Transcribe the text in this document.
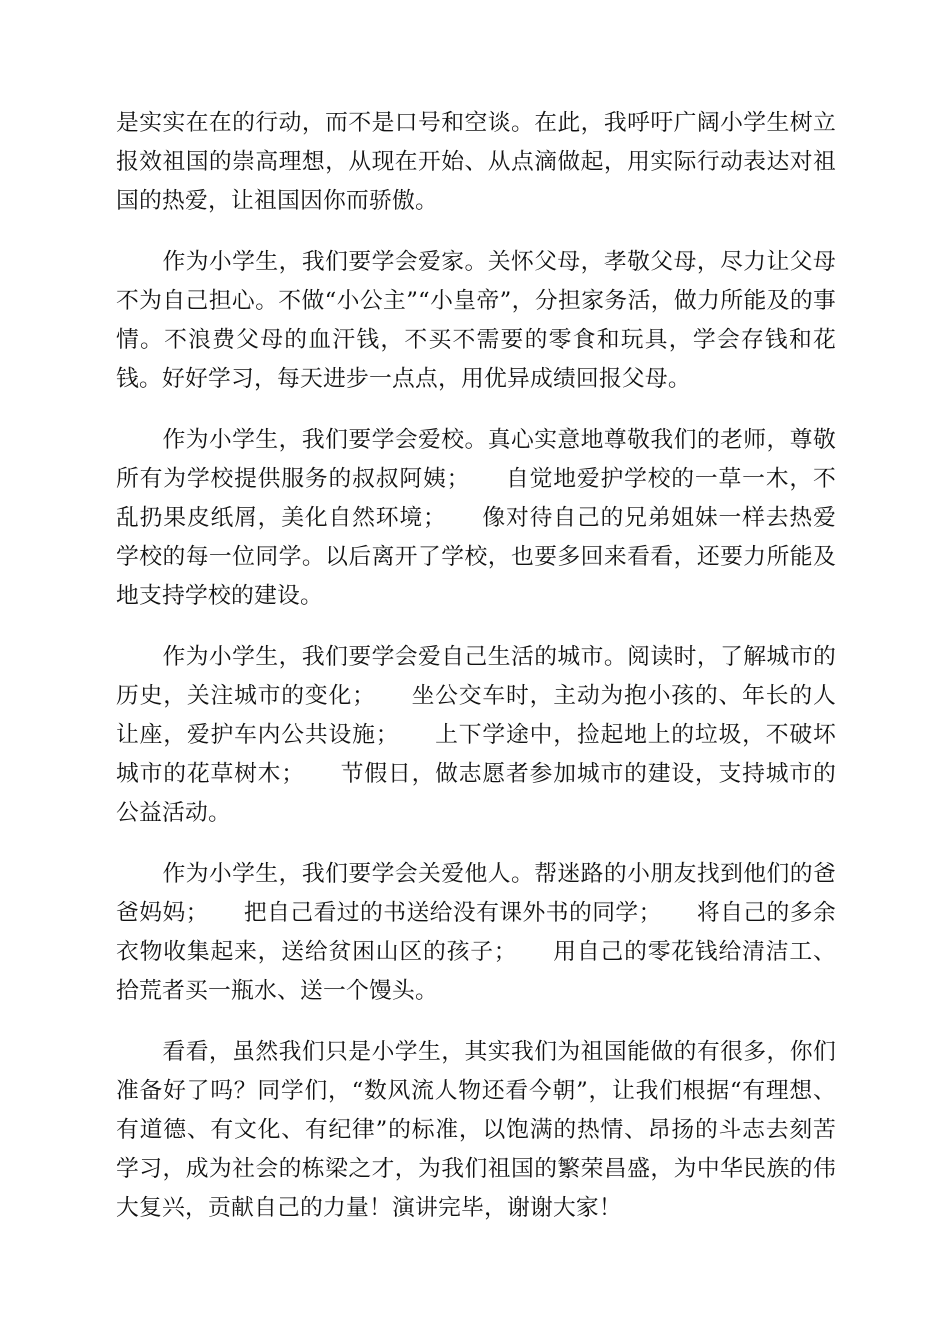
是实实在在的行动，而不是口号和空谈。在此，我呼吁广阔小学生树立报效祖国的崇高理想，从现在开始、从点滴做起，用实际行动表达对祖国的热爱，让祖国因你而骄傲。

　　作为小学生，我们要学会爱家。关怀父母，孝敬父母，尽力让父母不为自己担心。不做“小公主”“小皇帝”，分担家务活，做力所能及的事情。不浪费父母的血汗钱，不买不需要的零食和玩具，学会存钱和花钱。好好学习，每天进步一点点，用优异成绩回报父母。

　　作为小学生，我们要学会爱校。真心实意地尊敬我们的老师，尊敬所有为学校提供服务的叔叔阿姨；　　自觉地爱护学校的一草一木，不乱扔果皮纸屑，美化自然环境；　　像对待自己的兄弟姐妹一样去热爱学校的每一位同学。以后离开了学校，也要多回来看看，还要力所能及地支持学校的建设。

　　作为小学生，我们要学会爱自己生活的城市。阅读时，了解城市的历史，关注城市的变化；　　坐公交车时，主动为抱小孩的、年长的人让座，爱护车内公共设施；　　上下学途中，捡起地上的垃圾，不破坏城市的花草树木；　　节假日，做志愿者参加城市的建设，支持城市的公益活动。

　　作为小学生，我们要学会关爱他人。帮迷路的小朋友找到他们的爸爸妈妈；　　把自己看过的书送给没有课外书的同学；　　将自己的多余衣物收集起来，送给贫困山区的孩子；　　用自己的零花钱给清洁工、拾荒者买一瓶水、送一个馒头。

　　看看，虽然我们只是小学生，其实我们为祖国能做的有很多，你们准备好了吗？同学们，“数风流人物还看今朝”，让我们根据“有理想、有道德、有文化、有纪律”的标准，以饱满的热情、昂扬的斗志去刻苦学习，成为社会的栋梁之才，为我们祖国的繁荣昌盛，为中华民族的伟大复兴，贡献自己的力量！演讲完毕，谢谢大家！
